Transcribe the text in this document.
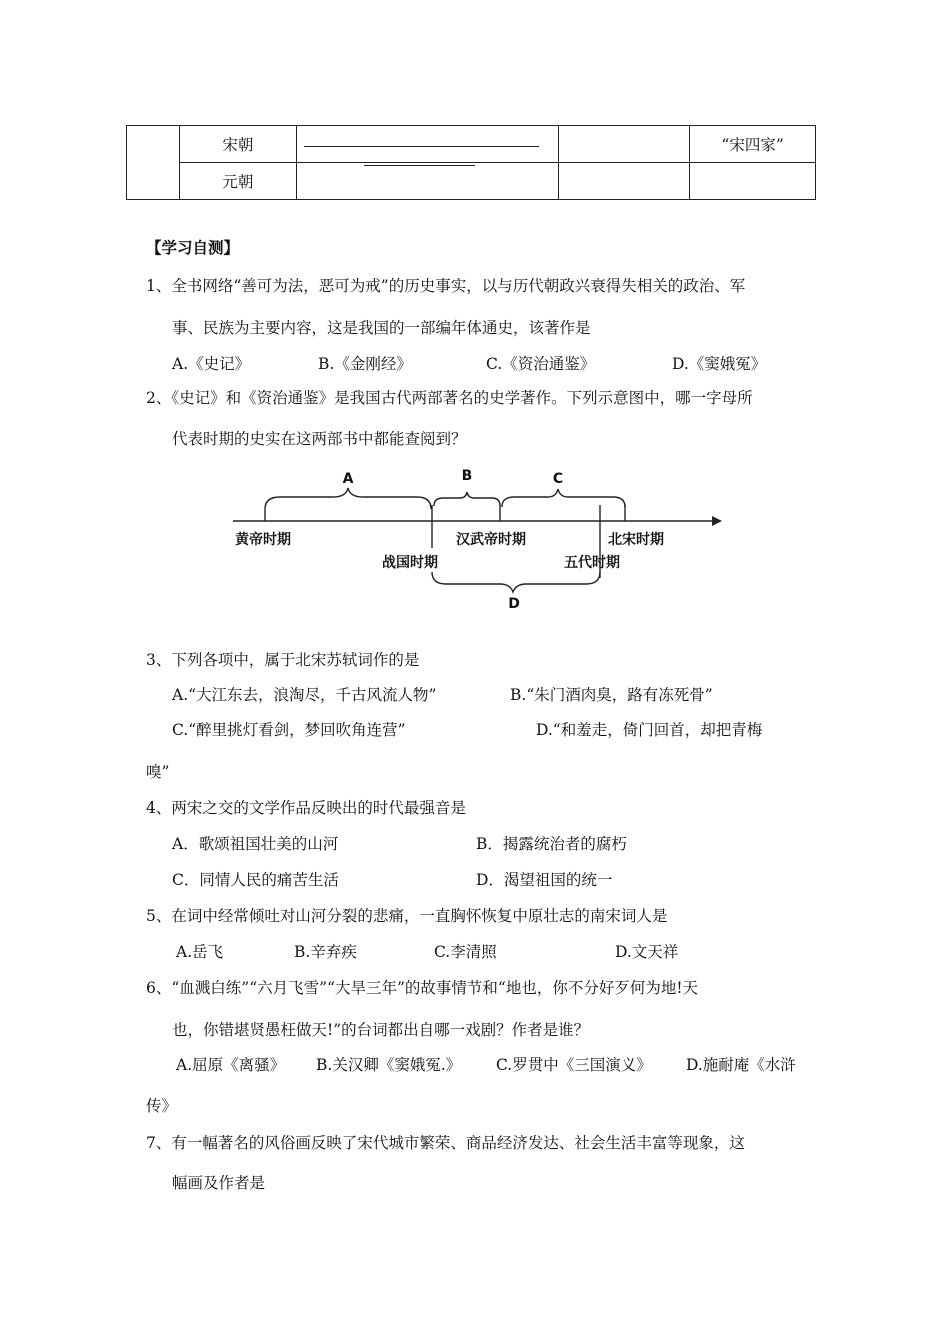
	宋朝			“宋四家”
	元朝			
【学习自测】
1、全书网络“善可为法，恶可为戒”的历史事实，以与历代朝政兴衰得失相关的政治、军
事、民族为主要内容，这是我国的一部编年体通史，该著作是
A.《史记》	B.《金刚经》	C.《资治通鉴》	D.《窦娥冤》
2、《史记》和《资治通鉴》是我国古代两部著名的史学著作。下列示意图中，哪一字母所
代表时期的史实在这两部书中都能查阅到？
A	B	C
D
黄帝时期
战国时期
汉武帝时期
五代时期
北宋时期
3、下列各项中，属于北宋苏轼词作的是
A.“大江东去，浪淘尽，千古风流人物”	B.“朱门酒肉臭，路有冻死骨”
C.“醉里挑灯看剑，梦回吹角连营”	D.“和羞走，倚门回首，却把青梅
嗅”
4、两宋之交的文学作品反映出的时代最强音是
A．歌颂祖国壮美的山河	B．揭露统治者的腐朽
C．同情人民的痛苦生活	D．渴望祖国的统一
5、在词中经常倾吐对山河分裂的悲痛，一直胸怀恢复中原壮志的南宋词人是
A.岳飞	B.辛弃疾	C.李清照	D.文天祥
6、“血溅白练”“六月飞雪”“大旱三年”的故事情节和“地也，你不分好歹何为地!天
也，你错堪贤愚枉做天!”的台词都出自哪一戏剧？作者是谁？
A.屈原《离骚》 B.关汉卿《窦娥冤.》 C.罗贯中《三国演义》 D.施耐庵《水浒
传》
7、有一幅著名的风俗画反映了宋代城市繁荣、商品经济发达、社会生活丰富等现象，这
幅画及作者是
